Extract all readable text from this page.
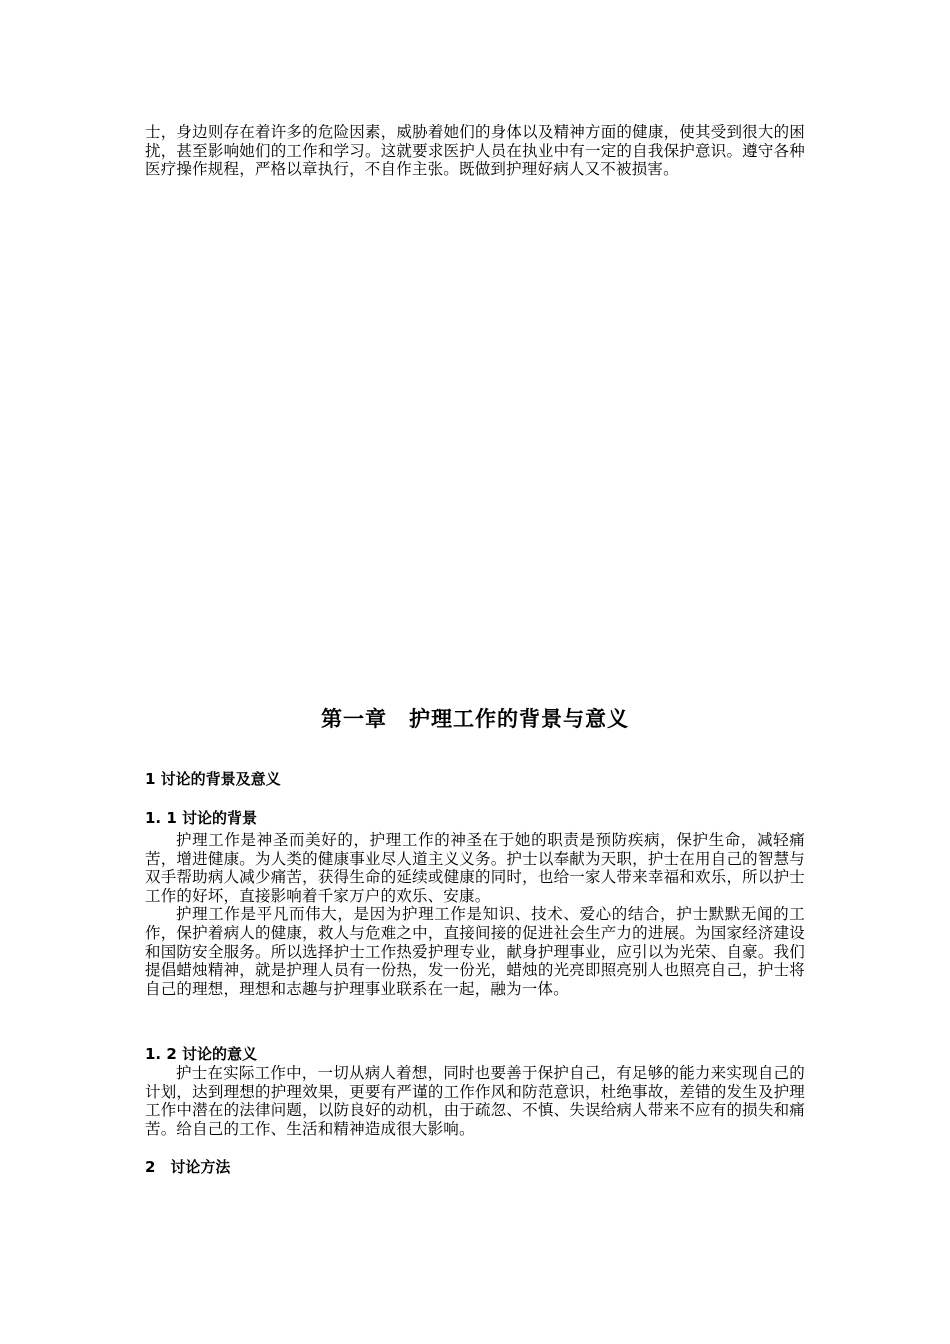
士，身边则存在着许多的危险因素，威胁着她们的身体以及精神方面的健康，使其受到很大的困扰，甚至影响她们的工作和学习。这就要求医护人员在执业中有一定的自我保护意识。遵守各种医疗操作规程，严格以章执行，不自作主张。既做到护理好病人又不被损害。

第一章　护理工作的背景与意义
1 讨论的背景及意义
1. 1 讨论的背景

护理工作是神圣而美好的，护理工作的神圣在于她的职责是预防疾病，保护生命，减轻痛苦，增进健康。为人类的健康事业尽人道主义义务。护士以奉献为天职，护士在用自己的智慧与双手帮助病人减少痛苦，获得生命的延续或健康的同时，也给一家人带来幸福和欢乐，所以护士工作的好坏，直接影响着千家万户的欢乐、安康。

护理工作是平凡而伟大，是因为护理工作是知识、技术、爱心的结合，护士默默无闻的工作，保护着病人的健康，救人与危难之中，直接间接的促进社会生产力的进展。为国家经济建设和国防安全服务。所以选择护士工作热爱护理专业，献身护理事业，应引以为光荣、自豪。我们提倡蜡烛精神，就是护理人员有一份热，发一份光，蜡烛的光亮即照亮别人也照亮自己，护士将自己的理想，理想和志趣与护理事业联系在一起，融为一体。

1. 2 讨论的意义

护士在实际工作中，一切从病人着想，同时也要善于保护自己，有足够的能力来实现自己的计划，达到理想的护理效果，更要有严谨的工作作风和防范意识，杜绝事故，差错的发生及护理工作中潜在的法律问题，以防良好的动机，由于疏忽、不慎、失误给病人带来不应有的损失和痛苦。给自己的工作、生活和精神造成很大影响。

2　讨论方法
